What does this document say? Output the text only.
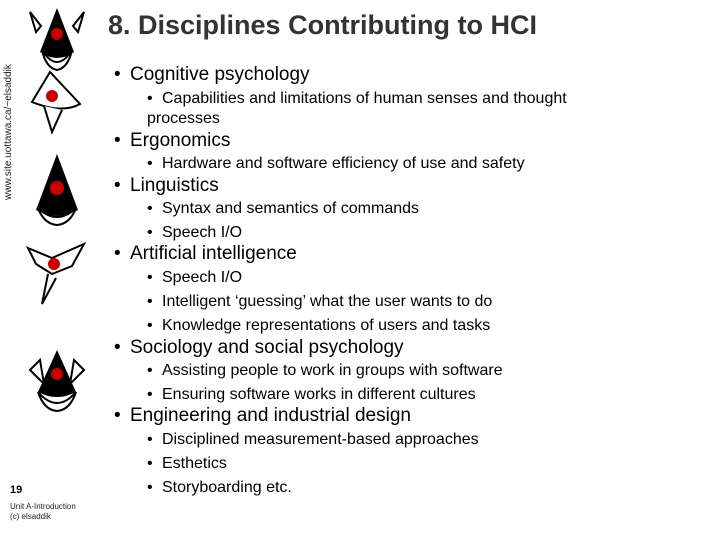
www.site.uottawa.ca/~elsaddik
8. Disciplines Contributing to HCI
• Cognitive psychology
• Capabilities and limitations of human senses and thought
processes
• Ergonomics
• Hardware and software efficiency of use and safety
• Linguistics
• Syntax and semantics of commands
• Speech I/O
• Artificial intelligence
• Speech I/O
• Intelligent ‘guessing’ what the user wants to do
• Knowledge representations of users and tasks
• Sociology and social psychology
• Assisting people to work in groups with software
• Ensuring software works in different cultures
• Engineering and industrial design
• Disciplined measurement-based approaches
• Esthetics
• Storyboarding etc.
19
Unit A-Introduction
(c) elsaddik
